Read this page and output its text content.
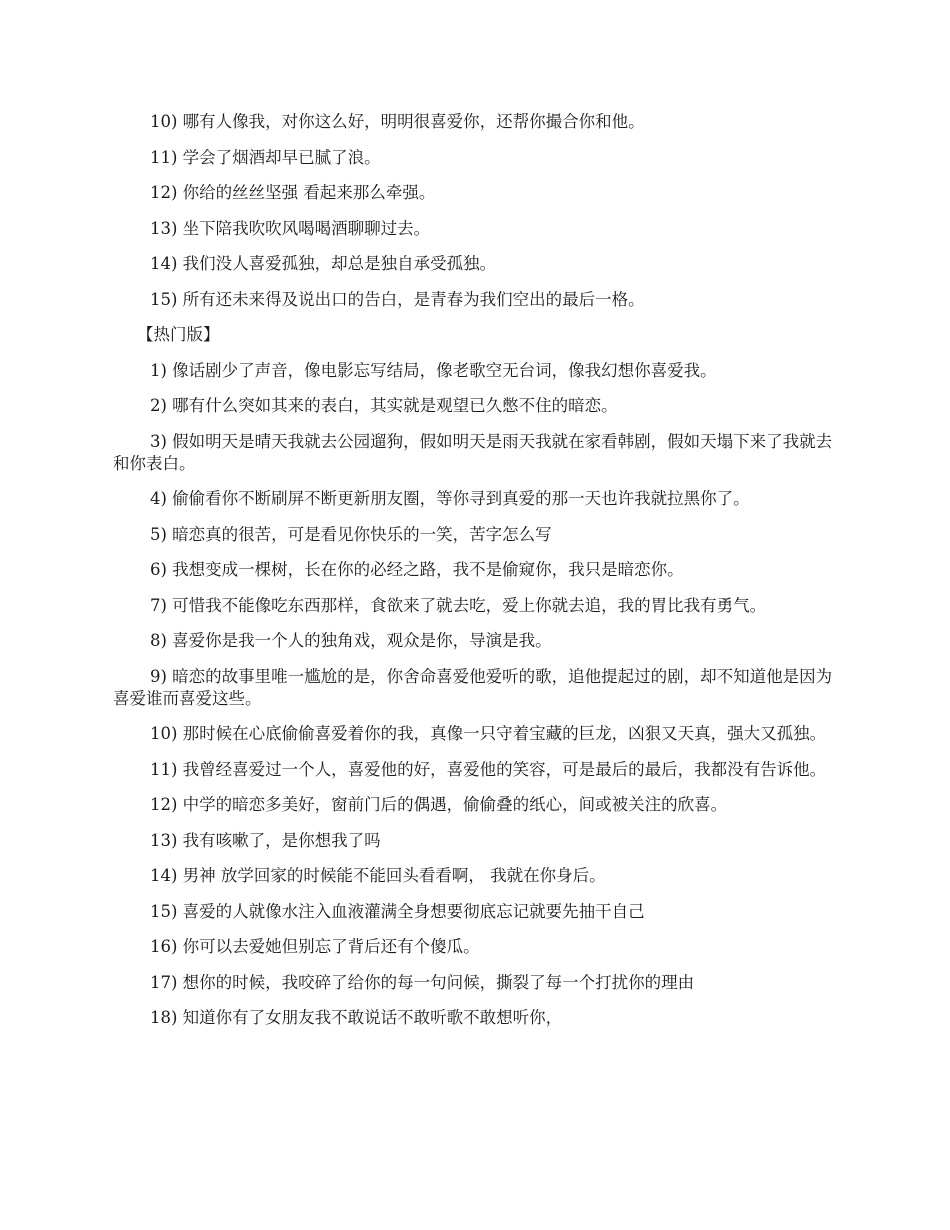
10) 哪有人像我，对你这么好，明明很喜爱你，还帮你撮合你和他。

11) 学会了烟酒却早已腻了浪。

12) 你给的丝丝坚强 看起来那么牵强。

13) 坐下陪我吹吹风喝喝酒聊聊过去。

14) 我们没人喜爱孤独，却总是独自承受孤独。

15) 所有还未来得及说出口的告白，是青春为我们空出的最后一格。

【热门版】

1) 像话剧少了声音，像电影忘写结局，像老歌空无台词，像我幻想你喜爱我。

2) 哪有什么突如其来的表白，其实就是观望已久憋不住的暗恋。

3) 假如明天是晴天我就去公园遛狗，假如明天是雨天我就在家看韩剧，假如天塌下来了我就去和你表白。

4) 偷偷看你不断刷屏不断更新朋友圈，等你寻到真爱的那一天也许我就拉黑你了。

5) 暗恋真的很苦，可是看见你快乐的一笑，苦字怎么写

6) 我想变成一棵树，长在你的必经之路，我不是偷窥你，我只是暗恋你。

7) 可惜我不能像吃东西那样，食欲来了就去吃，爱上你就去追，我的胃比我有勇气。

8) 喜爱你是我一个人的独角戏，观众是你，导演是我。

9) 暗恋的故事里唯一尴尬的是，你舍命喜爱他爱听的歌，追他提起过的剧，却不知道他是因为喜爱谁而喜爱这些。

10) 那时候在心底偷偷喜爱着你的我，真像一只守着宝藏的巨龙，凶狠又天真，强大又孤独。

11) 我曾经喜爱过一个人，喜爱他的好，喜爱他的笑容，可是最后的最后，我都没有告诉他。

12) 中学的暗恋多美好，窗前门后的偶遇，偷偷叠的纸心，间或被关注的欣喜。

13) 我有咳嗽了，是你想我了吗

14) 男神 放学回家的时候能不能回头看看啊， 我就在你身后。

15) 喜爱的人就像水注入血液灌满全身想要彻底忘记就要先抽干自己

16) 你可以去爱她但别忘了背后还有个傻瓜。

17) 想你的时候，我咬碎了给你的每一句问候，撕裂了每一个打扰你的理由

18) 知道你有了女朋友我不敢说话不敢听歌不敢想听你，
